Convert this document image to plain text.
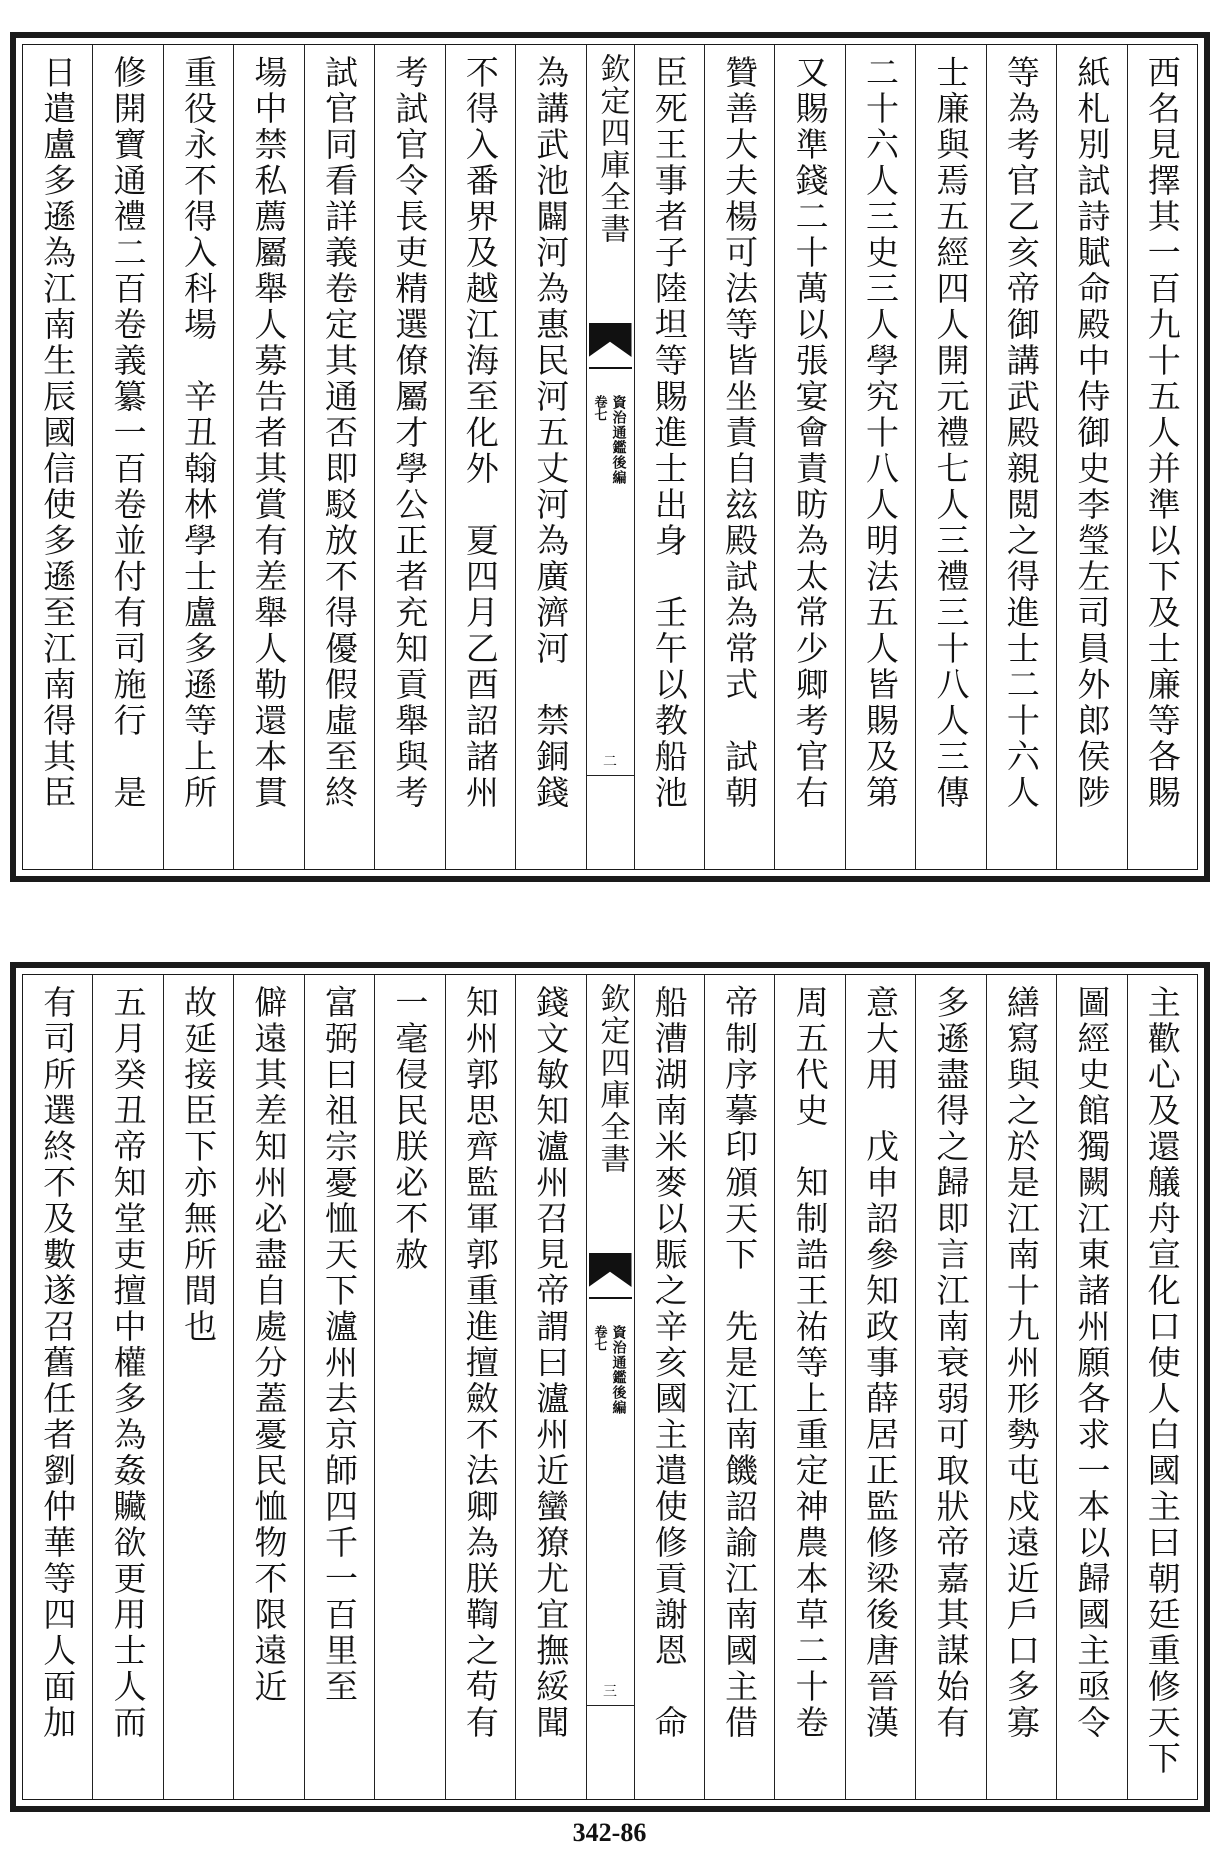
西名見擇其一百九十五人并準以下及士廉等各賜
紙札別試詩賦命殿中侍御史李瑩左司員外郎侯陟
等為考官乙亥帝御講武殿親閲之得進士二十六人
士廉與焉五經四人開元禮七人三禮三十八人三傳
二十六人三史三人學究十八人明法五人皆賜及第
又賜準錢二十萬以張宴會責昉為太常少卿考官右
贊善大夫楊可法等皆坐責自玆殿試為常式　試朝
臣死王事者子陸坦等賜進士出身　壬午以教船池
欽定四庫全書
資治通鑑後編
卷七
二
為講武池闢河為惠民河五丈河為廣濟河　禁銅錢
不得入番界及越江海至化外　夏四月乙酉詔諸州
考試官令長吏精選僚屬才學公正者充知貢舉與考
試官同看詳義卷定其通否即駁放不得優假虛至終
場中禁私薦屬舉人募告者其賞有差舉人勒還本貫
重役永不得入科場　辛丑翰林學士盧多遜等上所
修開寶通禮二百卷義纂一百卷並付有司施行　是
日遣盧多遜為江南生辰國信使多遜至江南得其臣
主歡心及還艤舟宣化口使人白國主曰朝廷重修天下
圖經史館獨闕江東諸州願各求一本以歸國主亟令
繕寫與之於是江南十九州形勢屯戍遠近戶口多寡
多遜盡得之歸即言江南衰弱可取狀帝嘉其謀始有
意大用　戊申詔參知政事薛居正監修梁後唐晉漢
周五代史　知制誥王祐等上重定神農本草二十卷
帝制序摹印頒天下　先是江南饑詔諭江南國主借
船漕湖南米麥以賑之辛亥國主遣使修貢謝恩　命
欽定四庫全書
資治通鑑後編
卷七
三
錢文敏知瀘州召見帝謂曰瀘州近蠻獠尤宜撫綏聞
知州郭思齊監軍郭重進擅斂不法卿為朕鞫之苟有
一毫侵民朕必不赦
富弼曰祖宗憂恤天下瀘州去京師四千一百里至
僻遠其差知州必盡自處分蓋憂民恤物不限遠近
故延接臣下亦無所間也
五月癸丑帝知堂吏擅中權多為姦贜欲更用士人而
有司所選終不及數遂召舊任者劉仲華等四人面加
342-86
